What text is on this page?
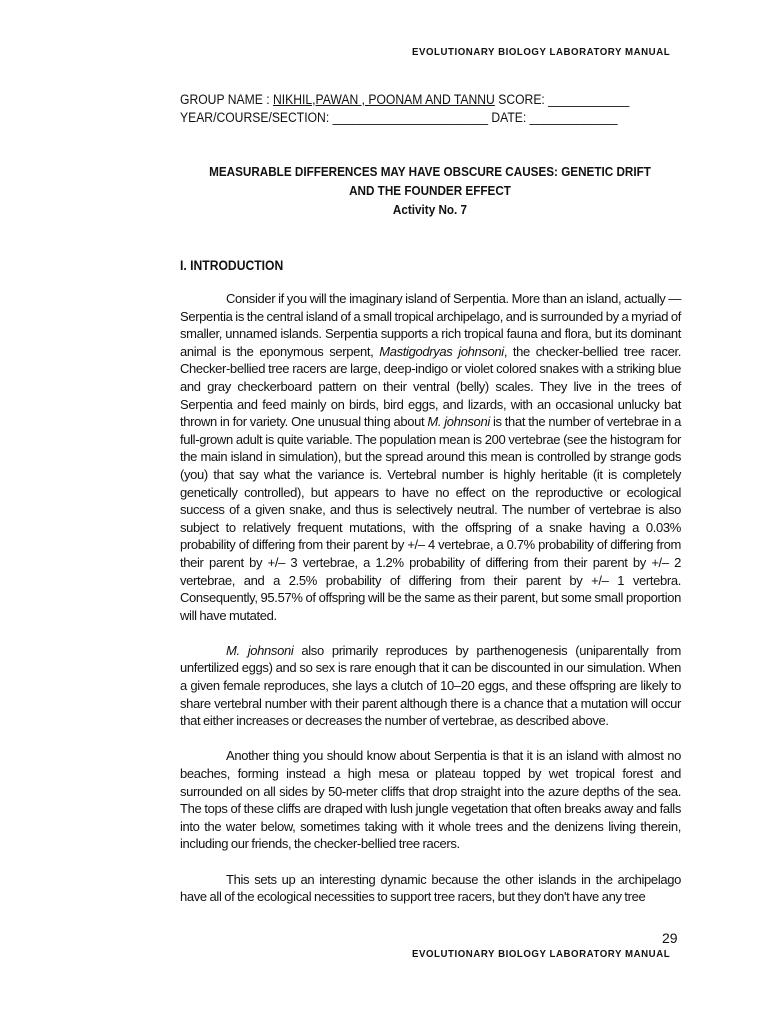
EVOLUTIONARY BIOLOGY LABORATORY MANUAL
GROUP NAME : NIKHIL,PAWAN , POONAM AND TANNU SCORE: ____________
YEAR/COURSE/SECTION: _______________________ DATE: _____________
MEASURABLE DIFFERENCES MAY HAVE OBSCURE CAUSES: GENETIC DRIFT
AND THE FOUNDER EFFECT
Activity No. 7
I. INTRODUCTION

Consider if you will the imaginary island of Serpentia. More than an island, actually — Serpentia is the central island of a small tropical archipelago, and is surrounded by a myriad of smaller, unnamed islands. Serpentia supports a rich tropical fauna and flora, but its dominant animal is the eponymous serpent, Mastigodryas johnsoni, the checker-bellied tree racer. Checker-bellied tree racers are large, deep-indigo or violet colored snakes with a striking blue and gray checkerboard pattern on their ventral (belly) scales. They live in the trees of Serpentia and feed mainly on birds, bird eggs, and lizards, with an occasional unlucky bat thrown in for variety. One unusual thing about M. johnsoni is that the number of vertebrae in a full-grown adult is quite variable. The population mean is 200 vertebrae (see the histogram for the main island in simulation), but the spread around this mean is controlled by strange gods (you) that say what the variance is. Vertebral number is highly heritable (it is completely genetically controlled), but appears to have no effect on the reproductive or ecological success of a given snake, and thus is selectively neutral. The number of vertebrae is also subject to relatively frequent mutations, with the offspring of a snake having a 0.03% probability of differing from their parent by +/– 4 vertebrae, a 0.7% probability of differing from their parent by +/– 3 vertebrae, a 1.2% probability of differing from their parent by +/– 2 vertebrae, and a 2.5% probability of differing from their parent by +/– 1 vertebra. Consequently, 95.57% of offspring will be the same as their parent, but some small proportion will have mutated.

M. johnsoni also primarily reproduces by parthenogenesis (uniparentally from unfertilized eggs) and so sex is rare enough that it can be discounted in our simulation. When a given female reproduces, she lays a clutch of 10–20 eggs, and these offspring are likely to share vertebral number with their parent although there is a chance that a mutation will occur that either increases or decreases the number of vertebrae, as described above.

Another thing you should know about Serpentia is that it is an island with almost no beaches, forming instead a high mesa or plateau topped by wet tropical forest and surrounded on all sides by 50-meter cliffs that drop straight into the azure depths of the sea. The tops of these cliffs are draped with lush jungle vegetation that often breaks away and falls into the water below, sometimes taking with it whole trees and the denizens living therein, including our friends, the checker-bellied tree racers.

This sets up an interesting dynamic because the other islands in the archipelago have all of the ecological necessities to support tree racers, but they don't have any tree

29
EVOLUTIONARY BIOLOGY LABORATORY MANUAL
